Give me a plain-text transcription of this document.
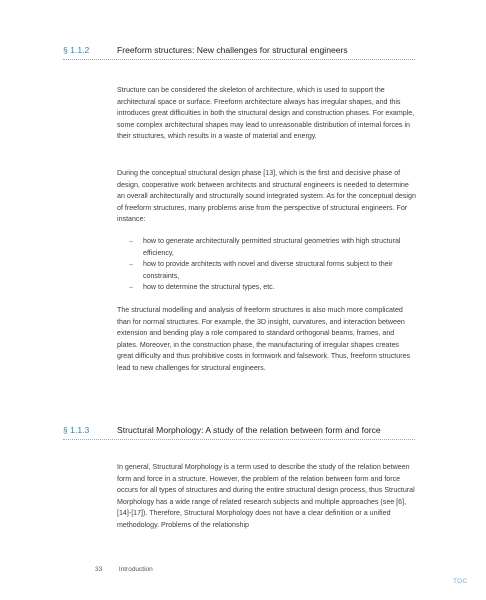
§ 1.1.2	Freeform structures: New challenges for structural engineers

Structure can be considered the skeleton of architecture, which is used to support the architectural space or surface. Freeform architecture always has irregular shapes, and this introduces great difficulties in both the structural design and construction phases. For example, some complex architectural shapes may lead to unreasonable distribution of internal forces in their structures, which results in a waste of material and energy.

During the conceptual structural design phase [13], which is the first and decisive phase of design, cooperative work between architects and structural engineers is needed to determine an overall architecturally and structurally sound integrated system. As for the conceptual design of freeform structures, many problems arise from the perspective of structural engineers. For instance:

– how to generate architecturally permitted structural geometries with high structural efficiency,
– how to provide architects with novel and diverse structural forms subject to their constraints,
– how to determine the structural types, etc.

The structural modelling and analysis of freeform structures is also much more complicated than for normal structures. For example, the 3D insight, curvatures, and interaction between extension and bending play a role compared to standard orthogonal beams, frames, and plates. Moreover, in the construction phase, the manufacturing of irregular shapes creates great difficulty and thus prohibitive costs in formwork and falsework. Thus, freeform structures lead to new challenges for structural engineers.

§ 1.1.3	Structural Morphology: A study of the relation between form and force

In general, Structural Morphology is a term used to describe the study of the relation between form and force in a structure. However, the problem of the relation between form and force occurs for all types of structures and during the entire structural design process, thus Structural Morphology has a wide range of related research subjects and multiple approaches (see [6], [14]-[17]). Therefore, Structural Morphology does not have a clear definition or a unified methodology. Problems of the relationship

33	Introduction
TOC
